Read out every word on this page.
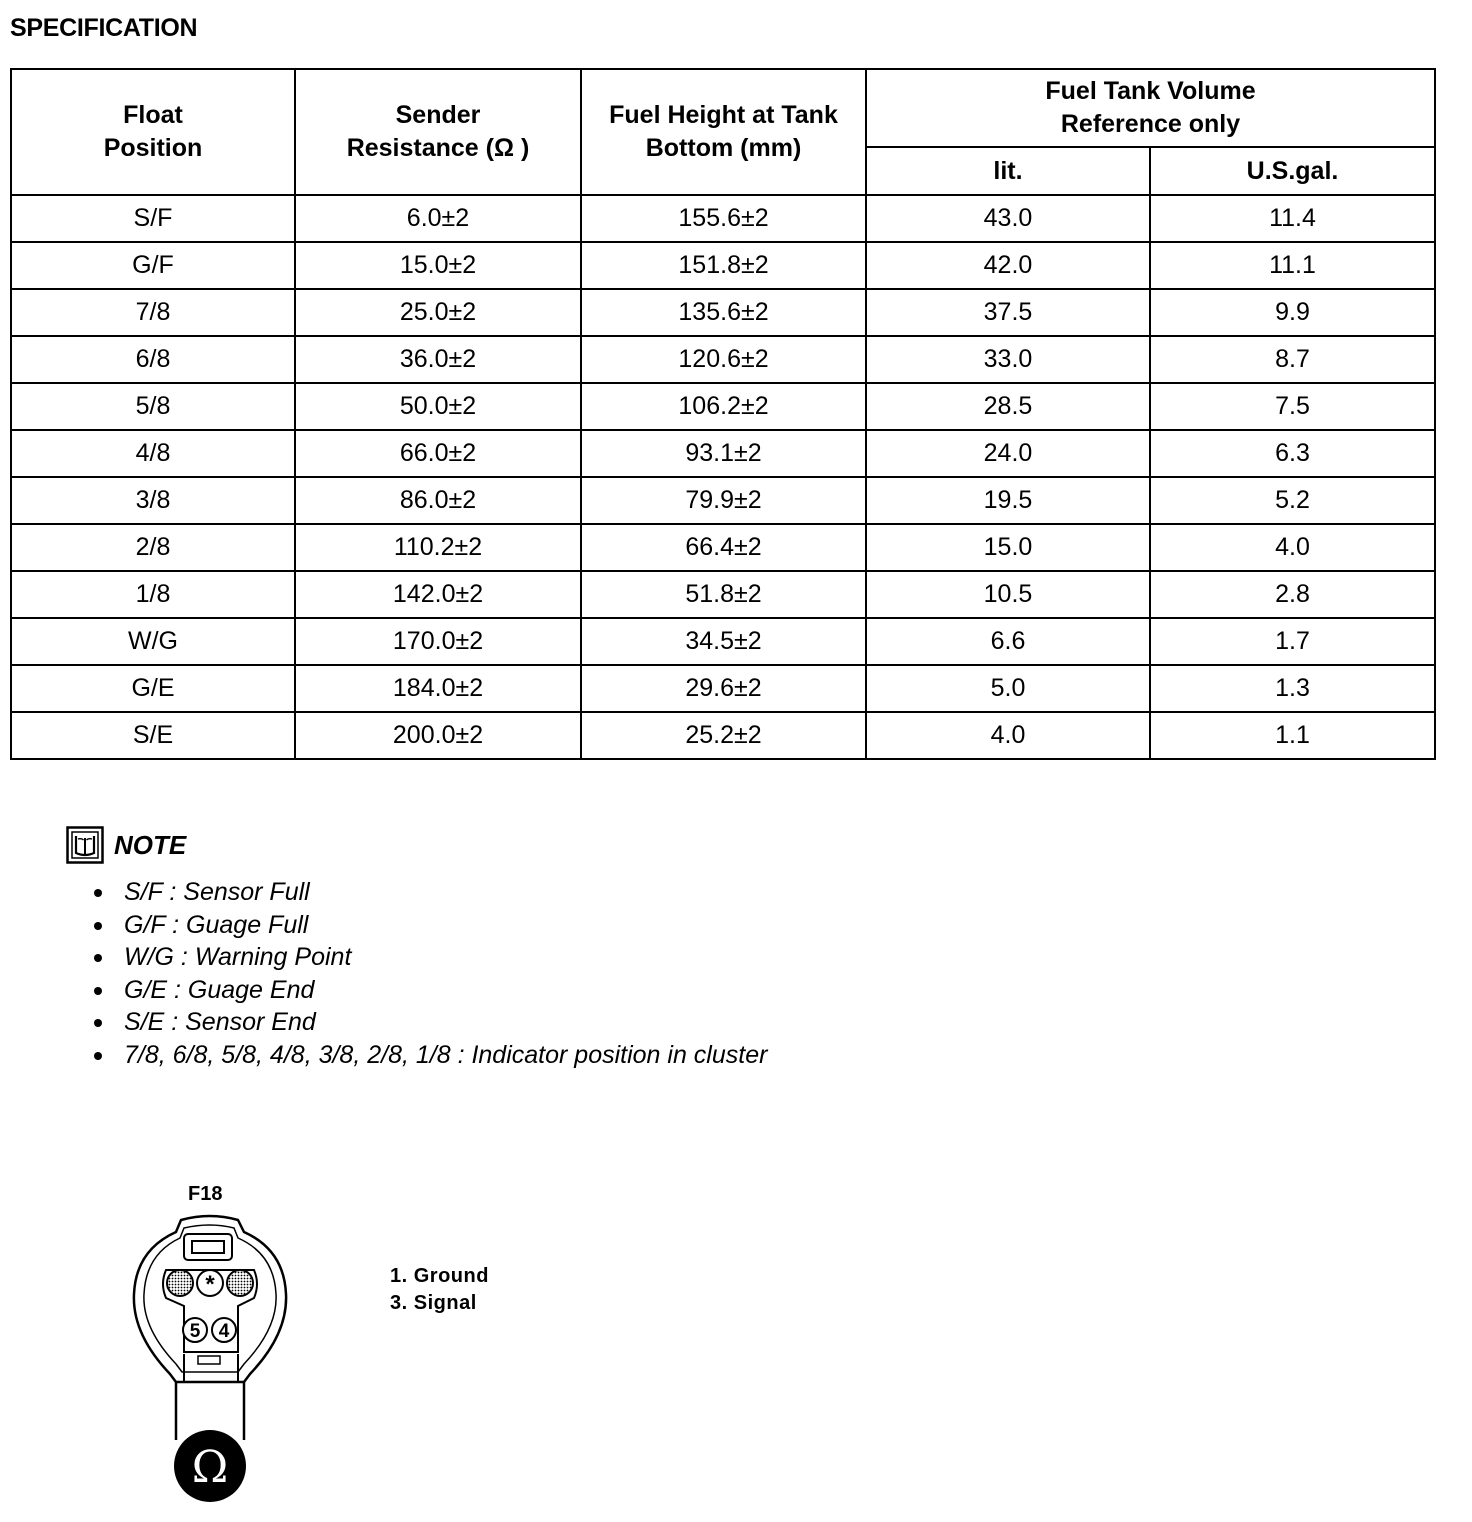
SPECIFICATION
Float Position	Sender Resistance (Ω )	Fuel Height at Tank Bottom (mm)	Fuel Tank Volume Reference only	
			lit.	U.S.gal.
S/F	6.0±2	155.6±2	43.0	11.4
G/F	15.0±2	151.8±2	42.0	11.1
7/8	25.0±2	135.6±2	37.5	9.9
6/8	36.0±2	120.6±2	33.0	8.7
5/8	50.0±2	106.2±2	28.5	7.5
4/8	66.0±2	93.1±2	24.0	6.3
3/8	86.0±2	79.9±2	19.5	5.2
2/8	110.2±2	66.4±2	15.0	4.0
1/8	142.0±2	51.8±2	10.5	2.8
W/G	170.0±2	34.5±2	6.6	1.7
G/E	184.0±2	29.6±2	5.0	1.3
S/E	200.0±2	25.2±2	4.0	1.1
NOTE
S/F : Sensor Full
G/F : Guage Full
W/G : Warning Point
G/E : Guage End
S/E : Sensor End
7/8, 6/8, 5/8, 4/8, 3/8, 2/8, 1/8 : Indicator position in cluster
F18
*
5 4
Ω
1. Ground
3. Signal
